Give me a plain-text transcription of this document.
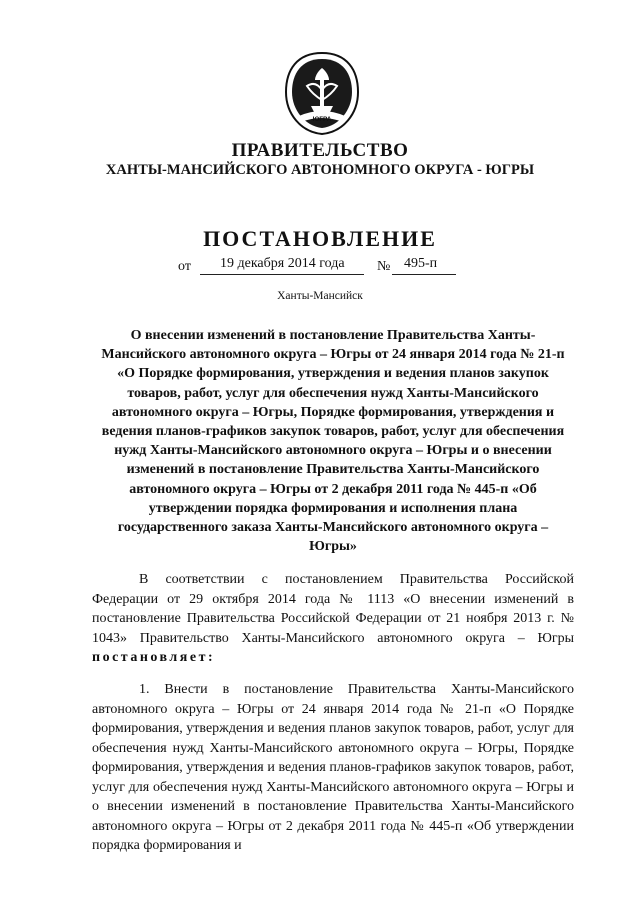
ЮГРА
ПРАВИТЕЛЬСТВО
ХАНТЫ-МАНСИЙСКОГО АВТОНОМНОГО ОКРУГА - ЮГРЫ
ПОСТАНОВЛЕНИЕ
от 19 декабря 2014 года № 495-п
Ханты-Мансийск
О внесении изменений в постановление Правительства Ханты-Мансийского автономного округа – Югры от 24 января 2014 года № 21-п «О Порядке формирования, утверждения и ведения планов закупок товаров, работ, услуг для обеспечения нужд Ханты-Мансийского автономного округа – Югры, Порядке формирования, утверждения и ведения планов-графиков закупок товаров, работ, услуг для обеспечения нужд Ханты-Мансийского автономного округа – Югры и о внесении изменений в постановление Правительства Ханты-Мансийского автономного округа – Югры от 2 декабря 2011 года № 445-п «Об утверждении порядка формирования и исполнения плана государственного заказа Ханты-Мансийского автономного округа – Югры»
В соответствии с постановлением Правительства Российской Федерации от 29 октября 2014 года № 1113 «О внесении изменений в постановление Правительства Российской Федерации от 21 ноября 2013 г. № 1043» Правительство Ханты-Мансийского автономного округа – Югры постановляет:
1. Внести в постановление Правительства Ханты-Мансийского автономного округа – Югры от 24 января 2014 года № 21-п «О Порядке формирования, утверждения и ведения планов закупок товаров, работ, услуг для обеспечения нужд Ханты-Мансийского автономного округа – Югры, Порядке формирования, утверждения и ведения планов-графиков закупок товаров, работ, услуг для обеспечения нужд Ханты-Мансийского автономного округа – Югры и о внесении изменений в постановление Правительства Ханты-Мансийского автономного округа – Югры от 2 декабря 2011 года № 445-п «Об утверждении порядка формирования и
